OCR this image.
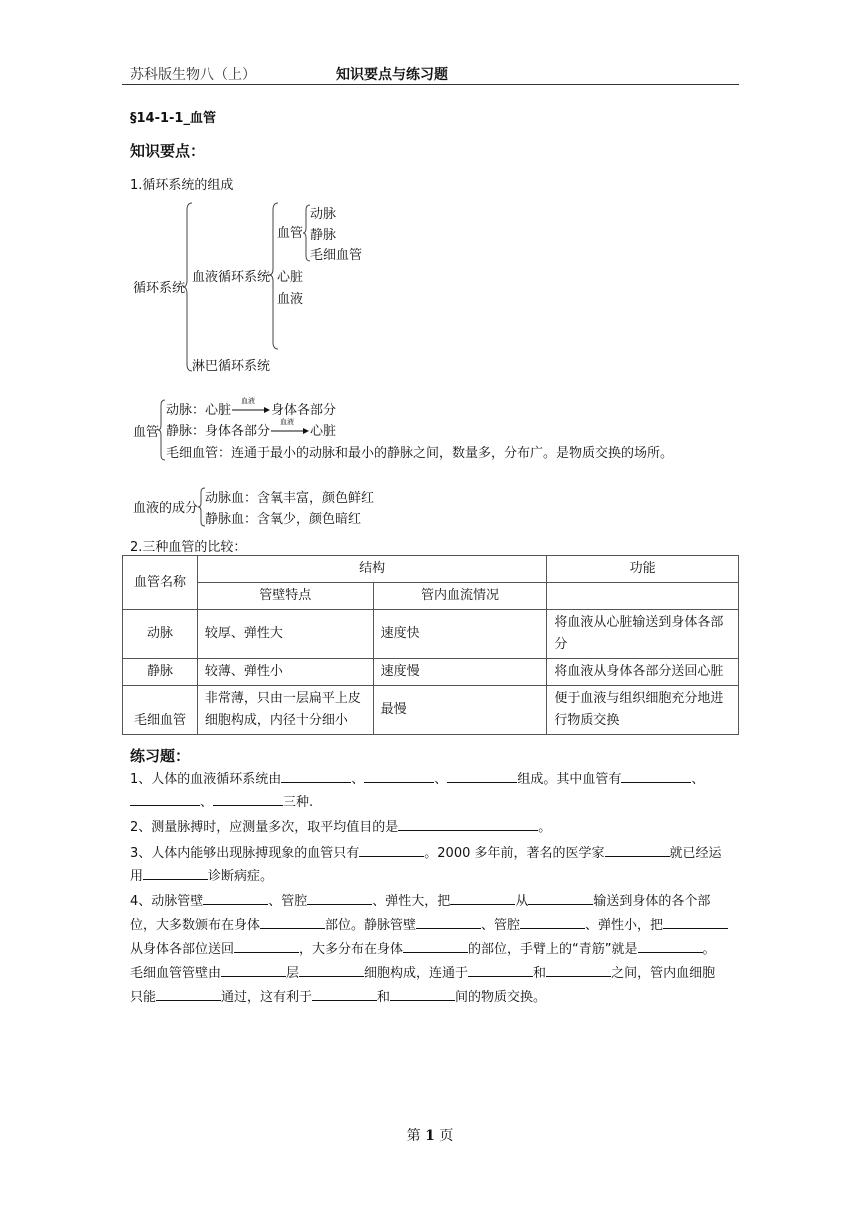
苏科版生物八（上）	知识要点与练习题
§14-1-1_血管
知识要点：
1.循环系统的组成
循环系统
血液循环系统
淋巴循环系统
血管
心脏
血液
动脉
静脉
毛细血管
血管
动脉：心脏
血液
身体各部分
静脉：身体各部分
血液
心脏
毛细血管：连通于最小的动脉和最小的静脉之间，数量多，分布广。是物质交换的场所。
血液的成分
动脉血：含氧丰富，颜色鲜红
静脉血：含氧少，颜色暗红
2.三种血管的比较：
血管名称	结构		功能
	管壁特点	管内血流情况	
动脉	较厚、弹性大	速度快	将血液从心脏输送到身体各部分
静脉	较薄、弹性小	速度慢	将血液从身体各部分送回心脏
毛细血管	非常薄，只由一层扁平上皮细胞构成，内径十分细小	最慢	便于血液与组织细胞充分地进行物质交换
练习题：
1、人体的血液循环系统由	、	、	组成。其中血管有	、
、	三种.
2、测量脉搏时，应测量多次，取平均值目的是	。
3、人体内能够出现脉搏现象的血管只有	。2000 多年前，著名的医学家	就已经运
用	诊断病症。
4、动脉管壁	、管腔	、弹性大，把	从	输送到身体的各个部
位，大多数颁布在身体	部位。静脉管壁	、管腔	、弹性小，把
从身体各部位送回	，大多分布在身体	的部位，手臂上的“青筋”就是	。
毛细血管管壁由	层	细胞构成，连通于	和	之间，管内血细胞
只能	通过，这有利于	和	间的物质交换。
第 1 页
